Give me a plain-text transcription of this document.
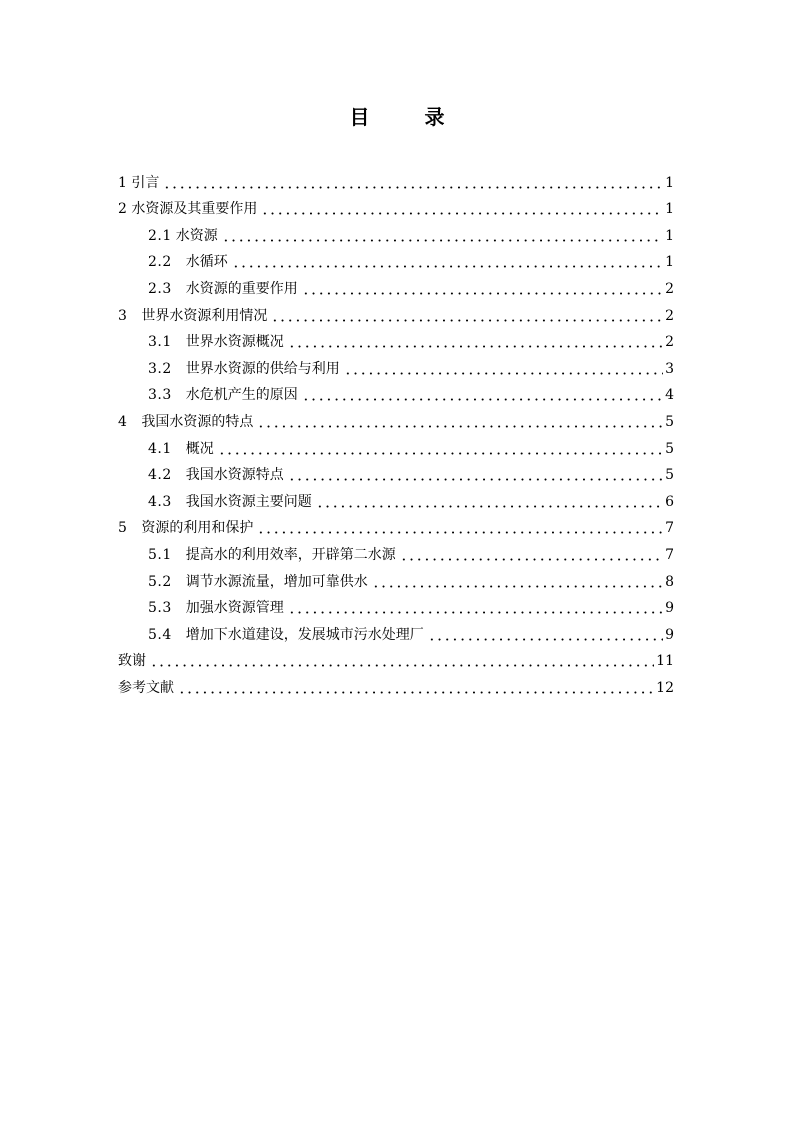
目 录
1 引言	1
2 水资源及其重要作用	1
2.1 水资源	1
2.2 水循环	1
2.3 水资源的重要作用	2
3 世界水资源利用情况	2
3.1 世界水资源概况	2
3.2 世界水资源的供给与利用	3
3.3 水危机产生的原因	4
4 我国水资源的特点	5
4.1 概况	5
4.2 我国水资源特点	5
4.3 我国水资源主要问题	6
5 资源的利用和保护	7
5.1 提高水的利用效率，开辟第二水源	7
5.2 调节水源流量，增加可靠供水	8
5.3 加强水资源管理	9
5.4 增加下水道建设，发展城市污水处理厂	9
致谢	11
参考文献	12
